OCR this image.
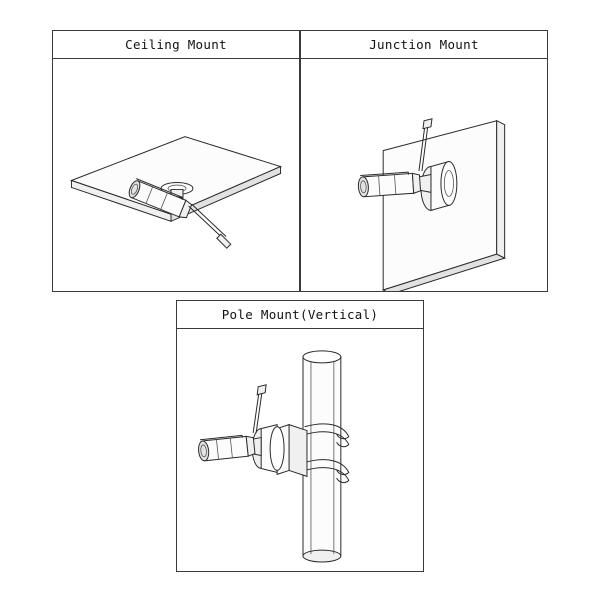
Ceiling Mount	Junction Mount
Pole Mount(Vertical)
